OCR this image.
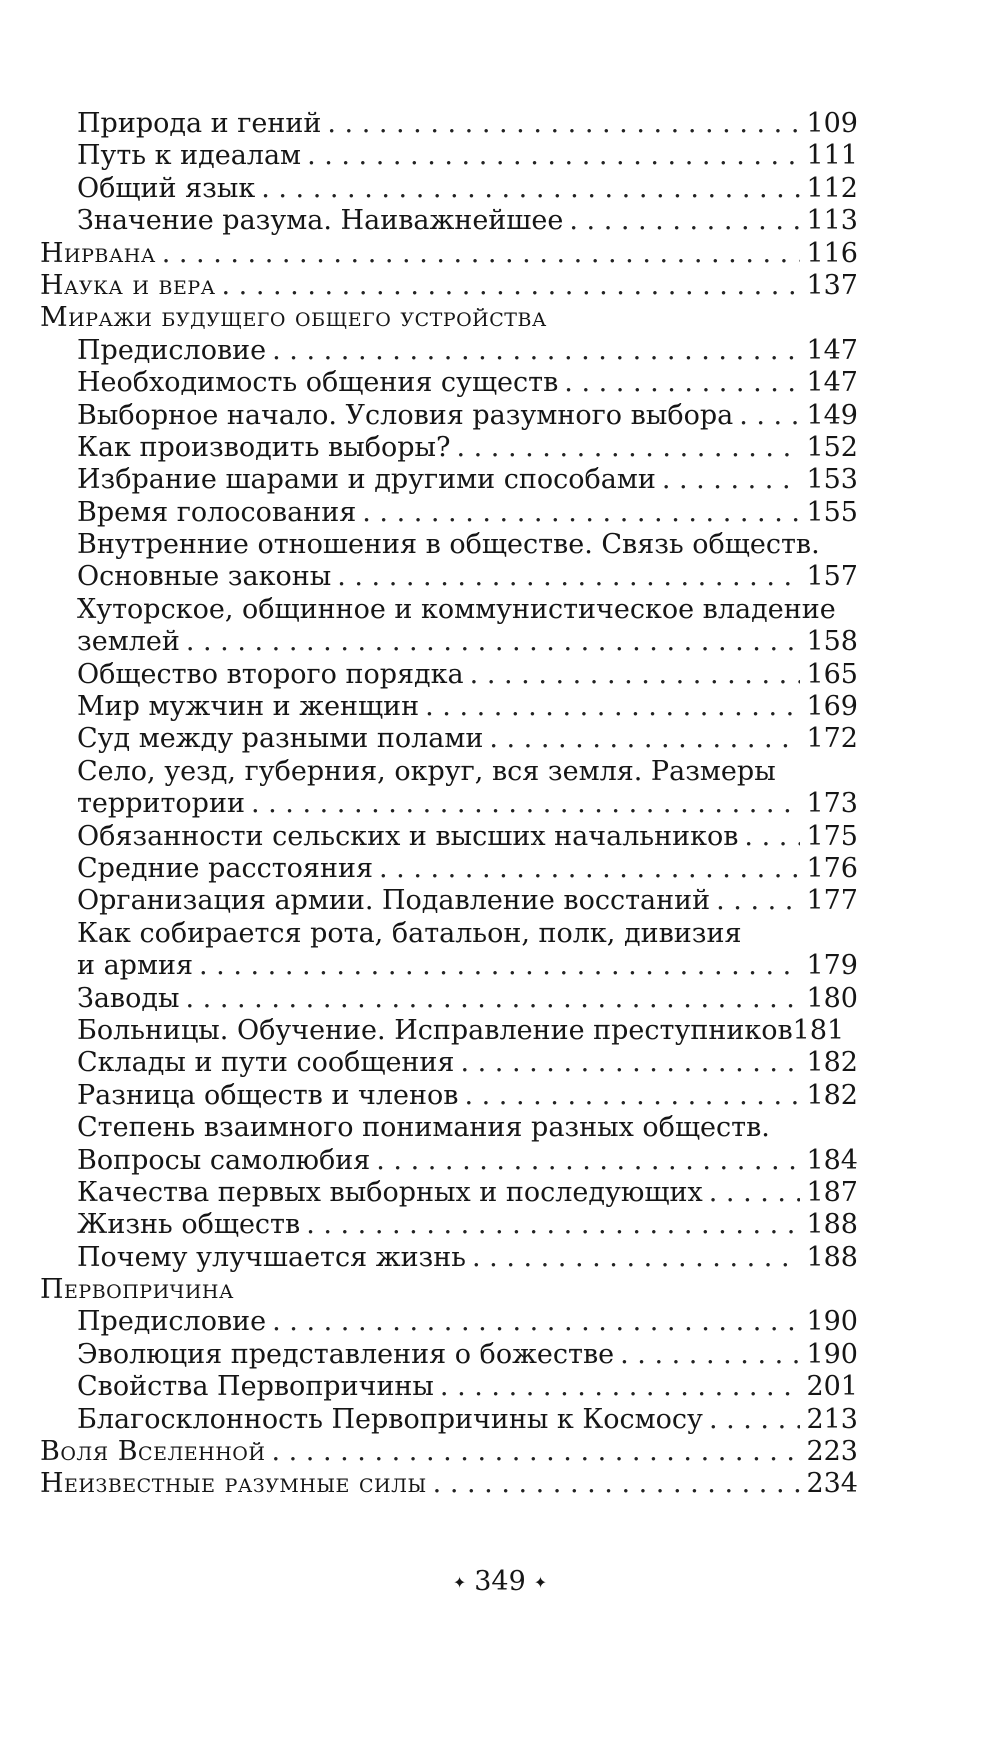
Природа и гений . . .	109
Путь к идеалам . . .	111
Общий язык . . .	112
Значение разума. Наиважнейшее . . .	113
Нирвана . . .	116
Наука и вера . . .	137
Миражи будущего общего устройства
Предисловие . . .	147
Необходимость общения существ . . .	147
Выборное начало. Условия разумного выбора . . .	149
Как производить выборы? . . .	152
Избрание шарами и другими способами . . .	153
Время голосования . . .	155
Внутренние отношения в обществе. Связь обществ.
Основные законы . . .	157
Хуторское, общинное и коммунистическое владение
землей . . .	158
Общество второго порядка . . .	165
Мир мужчин и женщин . . .	169
Суд между разными полами . . .	172
Село, уезд, губерния, округ, вся земля. Размеры
территории . . .	173
Обязанности сельских и высших начальников . . .	175
Средние расстояния . . .	176
Организация армии. Подавление восстаний . . .	177
Как собирается рота, батальон, полк, дивизия
и армия . . .	179
Заводы . . .	180
Больницы. Обучение. Исправление преступников 181
Склады и пути сообщения . . .	182
Разница обществ и членов . . .	182
Степень взаимного понимания разных обществ.
Вопросы самолюбия . . .	184
Качества первых выборных и последующих . . .	187
Жизнь обществ . . .	188
Почему улучшается жизнь . . .	188
Первопричина
Предисловие . . .	190
Эволюция представления о божестве . . .	190
Свойства Первопричины . . .	201
Благосклонность Первопричины к Космосу . . .	213
Воля Вселенной . . .	223
Неизвестные разумные силы . . .	234
✦ 349 ✦
